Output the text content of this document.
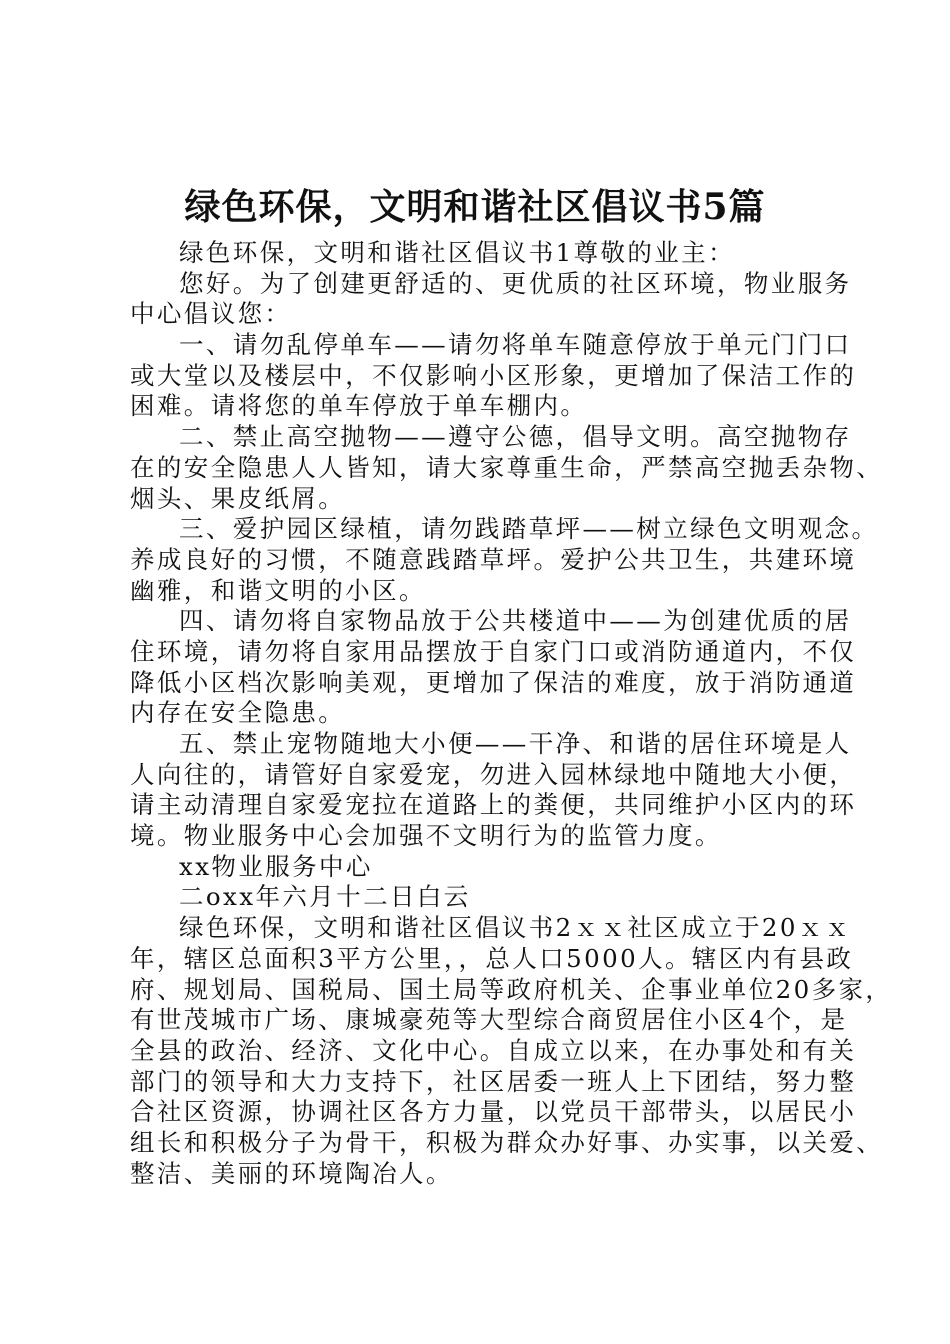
绿色环保，文明和谐社区倡议书5篇

绿色环保，文明和谐社区倡议书1尊敬的业主：

您好。为了创建更舒适的、更优质的社区环境，物业服务

中心倡议您：

一、请勿乱停单车——请勿将单车随意停放于单元门门口

或大堂以及楼层中，不仅影响小区形象，更增加了保洁工作的

困难。请将您的单车停放于单车棚内。

二、禁止高空抛物——遵守公德，倡导文明。高空抛物存

在的安全隐患人人皆知，请大家尊重生命，严禁高空抛丢杂物、

烟头、果皮纸屑。

三、爱护园区绿植，请勿践踏草坪——树立绿色文明观念。

养成良好的习惯，不随意践踏草坪。爱护公共卫生，共建环境

幽雅，和谐文明的小区。

四、请勿将自家物品放于公共楼道中——为创建优质的居

住环境，请勿将自家用品摆放于自家门口或消防通道内，不仅

降低小区档次影响美观，更增加了保洁的难度，放于消防通道

内存在安全隐患。

五、禁止宠物随地大小便——干净、和谐的居住环境是人

人向往的，请管好自家爱宠，勿进入园林绿地中随地大小便，

请主动清理自家爱宠拉在道路上的粪便，共同维护小区内的环

境。物业服务中心会加强不文明行为的监管力度。

xx物业服务中心

二oxx年六月十二日白云

绿色环保，文明和谐社区倡议书2ｘｘ社区成立于20ｘｘ

年，辖区总面积3平方公里，，总人口5000人。辖区内有县政

府、规划局、国税局、国土局等政府机关、企事业单位20多家，

有世茂城市广场、康城豪苑等大型综合商贸居住小区4个，是

全县的政治、经济、文化中心。自成立以来，在办事处和有关

部门的领导和大力支持下，社区居委一班人上下团结，努力整

合社区资源，协调社区各方力量，以党员干部带头，以居民小

组长和积极分子为骨干，积极为群众办好事、办实事，以关爱、

整洁、美丽的环境陶冶人。
